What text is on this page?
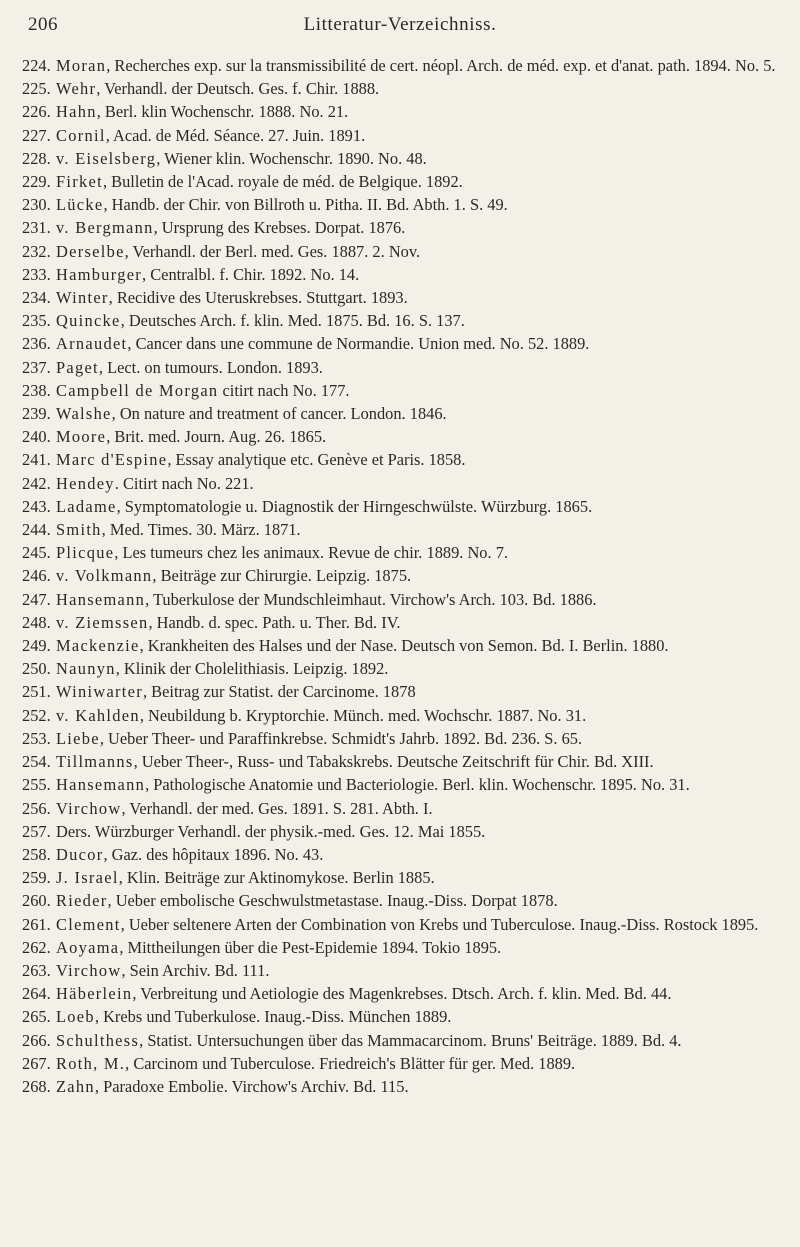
206	Litteratur-Verzeichniss.
224. Moran, Recherches exp. sur la transmissibilité de cert. néopl. Arch. de méd. exp. et d'anat. path. 1894. No. 5.
225. Wehr, Verhandl. der Deutsch. Ges. f. Chir. 1888.
226. Hahn, Berl. klin Wochenschr. 1888. No. 21.
227. Cornil, Acad. de Méd. Séance. 27. Juin. 1891.
228. v. Eiselsberg, Wiener klin. Wochenschr. 1890. No. 48.
229. Firket, Bulletin de l'Acad. royale de méd. de Belgique. 1892.
230. Lücke, Handb. der Chir. von Billroth u. Pitha. II. Bd. Abth. 1. S. 49.
231. v. Bergmann, Ursprung des Krebses. Dorpat. 1876.
232. Derselbe, Verhandl. der Berl. med. Ges. 1887. 2. Nov.
233. Hamburger, Centralbl. f. Chir. 1892. No. 14.
234. Winter, Recidive des Uteruskrebses. Stuttgart. 1893.
235. Quincke, Deutsches Arch. f. klin. Med. 1875. Bd. 16. S. 137.
236. Arnaudet, Cancer dans une commune de Normandie. Union med. No. 52. 1889.
237. Paget, Lect. on tumours. London. 1893.
238. Campbell de Morgan citirt nach No. 177.
239. Walshe, On nature and treatment of cancer. London. 1846.
240. Moore, Brit. med. Journ. Aug. 26. 1865.
241. Marc d'Espine, Essay analytique etc. Genève et Paris. 1858.
242. Hendey. Citirt nach No. 221.
243. Ladame, Symptomatologie u. Diagnostik der Hirngeschwülste. Würzburg. 1865.
244. Smith, Med. Times. 30. März. 1871.
245. Plicque, Les tumeurs chez les animaux. Revue de chir. 1889. No. 7.
246. v. Volkmann, Beiträge zur Chirurgie. Leipzig. 1875.
247. Hansemann, Tuberkulose der Mundschleimhaut. Virchow's Arch. 103. Bd. 1886.
248. v. Ziemssen, Handb. d. spec. Path. u. Ther. Bd. IV.
249. Mackenzie, Krankheiten des Halses und der Nase. Deutsch von Semon. Bd. I. Berlin. 1880.
250. Naunyn, Klinik der Cholelithiasis. Leipzig. 1892.
251. Winiwarter, Beitrag zur Statist. der Carcinome. 1878
252. v. Kahlden, Neubildung b. Kryptorchie. Münch. med. Wochschr. 1887. No. 31.
253. Liebe, Ueber Theer- und Paraffinkrebse. Schmidt's Jahrb. 1892. Bd. 236. S. 65.
254. Tillmanns, Ueber Theer-, Russ- und Tabakskrebs. Deutsche Zeitschrift für Chir. Bd. XIII.
255. Hansemann, Pathologische Anatomie und Bacteriologie. Berl. klin. Wochenschr. 1895. No. 31.
256. Virchow, Verhandl. der med. Ges. 1891. S. 281. Abth. I.
257. Ders. Würzburger Verhandl. der physik.-med. Ges. 12. Mai 1855.
258. Ducor, Gaz. des hôpitaux 1896. No. 43.
259. J. Israel, Klin. Beiträge zur Aktinomykose. Berlin 1885.
260. Rieder, Ueber embolische Geschwulstmetastase. Inaug.-Diss. Dorpat 1878.
261. Clement, Ueber seltenere Arten der Combination von Krebs und Tuberculose. Inaug.-Diss. Rostock 1895.
262. Aoyama, Mittheilungen über die Pest-Epidemie 1894. Tokio 1895.
263. Virchow, Sein Archiv. Bd. 111.
264. Häberlein, Verbreitung und Aetiologie des Magenkrebses. Dtsch. Arch. f. klin. Med. Bd. 44.
265. Loeb, Krebs und Tuberkulose. Inaug.-Diss. München 1889.
266. Schulthess, Statist. Untersuchungen über das Mammacarcinom. Bruns' Beiträge. 1889. Bd. 4.
267. Roth, M., Carcinom und Tuberculose. Friedreich's Blätter für ger. Med. 1889.
268. Zahn, Paradoxe Embolie. Virchow's Archiv. Bd. 115.
